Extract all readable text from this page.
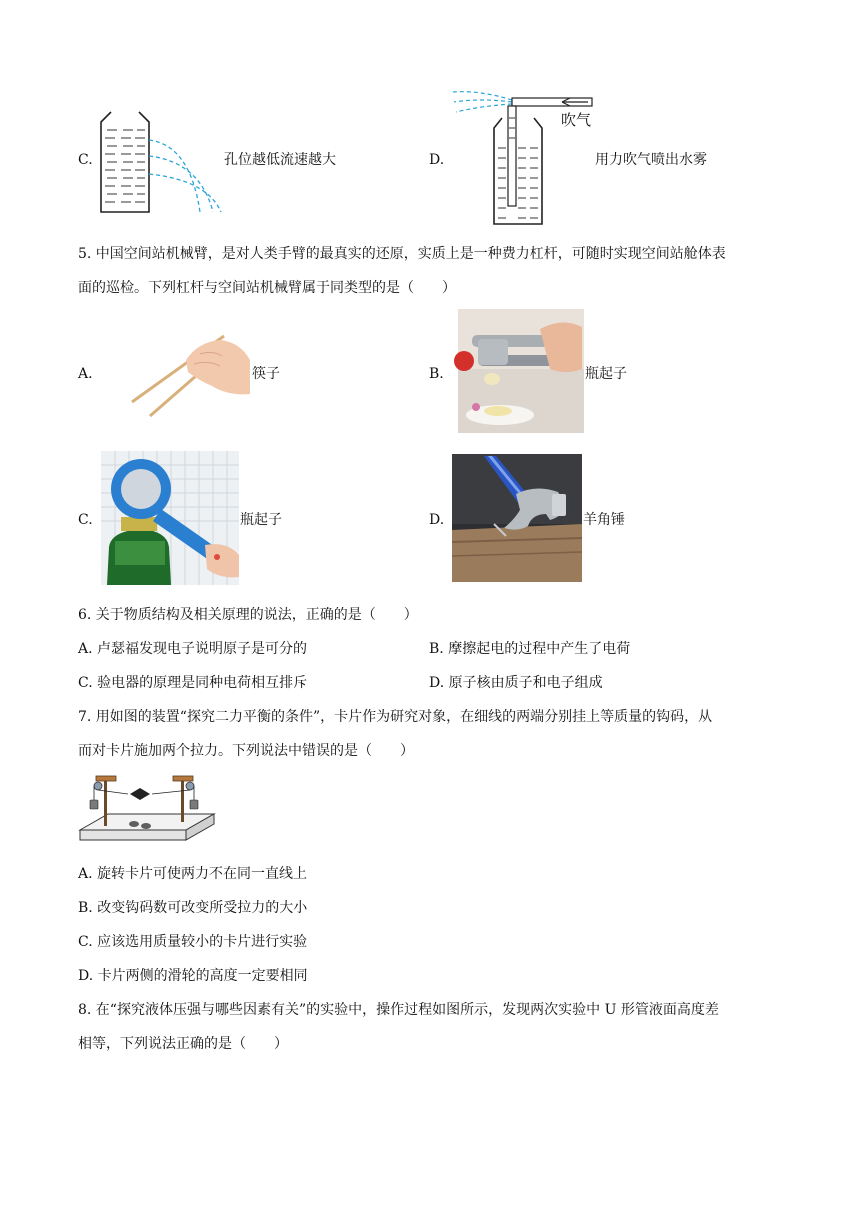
C.	孔位越低流速越大	D.
吹气
用力吹气喷出水雾
5. 中国空间站机械臂，是对人类手臂的最真实的还原，实质上是一种费力杠杆，可随时实现空间站舱体表
面的巡检。下列杠杆与空间站机械臂属于同类型的是（　　）
A.	筷子	B.	瓶起子
C.	瓶起子	D.	羊角锤
6. 关于物质结构及相关原理的说法，正确的是（　　）
A. 卢瑟福发现电子说明原子是可分的	B. 摩擦起电的过程中产生了电荷
C. 验电器的原理是同种电荷相互排斥	D. 原子核由质子和电子组成
7. 用如图的装置“探究二力平衡的条件”，卡片作为研究对象，在细线的两端分别挂上等质量的钩码，从
而对卡片施加两个拉力。下列说法中错误的是（　　）
A. 旋转卡片可使两力不在同一直线上
B. 改变钩码数可改变所受拉力的大小
C. 应该选用质量较小的卡片进行实验
D. 卡片两侧的滑轮的高度一定要相同
8. 在“探究液体压强与哪些因素有关”的实验中，操作过程如图所示，发现两次实验中 U 形管液面高度差
相等，下列说法正确的是（　　）
